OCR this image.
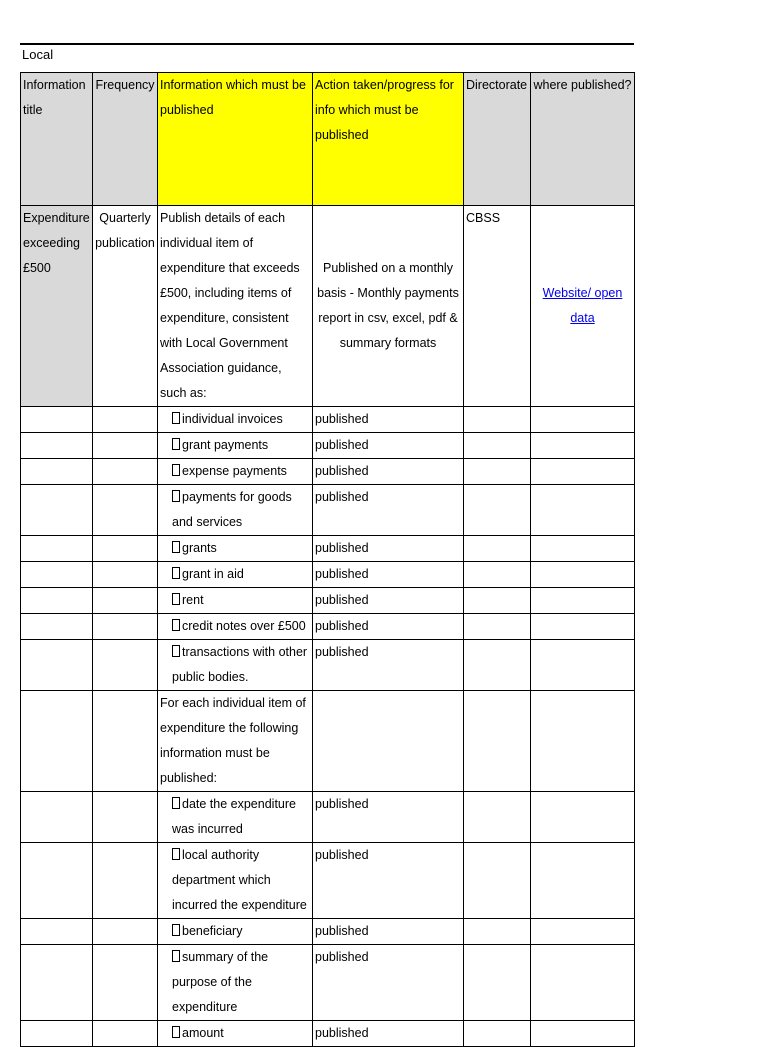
Local
Information title	Frequency	Information which must be published	Action taken/progress for info which must be published	Directorate	where published?
Expenditure exceeding £500	Quarterly publication	Publish details of each individual item of expenditure that exceeds £500, including items of expenditure, consistent with Local Government Association guidance, such as:	Published on a monthly basis - Monthly payments report in csv, excel, pdf & summary formats	CBSS	Website/ open data
		individual invoices	published		
		grant payments	published		
		expense payments	published		
		payments for goods and services	published		
		grants	published		
		grant in aid	published		
		rent	published		
		credit notes over £500	published		
		transactions with other public bodies.	published		
		For each individual item of expenditure the following information must be published:			
		date the expenditure was incurred	published		
		local authority department which incurred the expenditure	published		
		beneficiary	published		
		summary of the purpose of the expenditure	published		
		amount	published		
